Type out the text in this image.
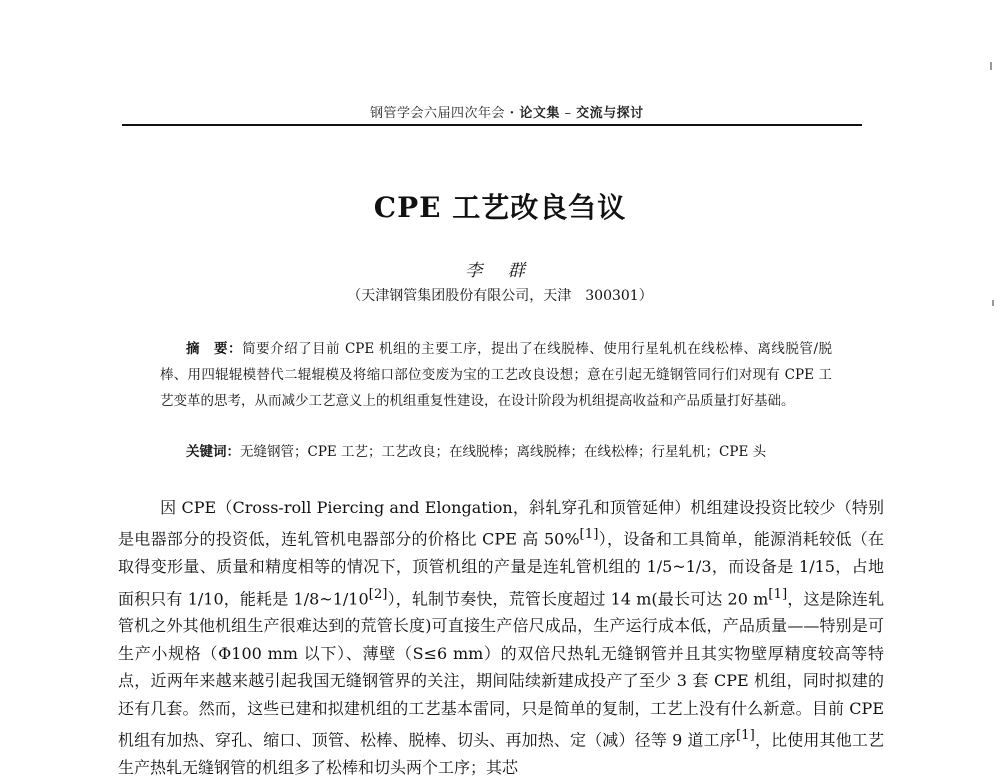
钢管学会六届四次年会 · 论文集 – 交流与探讨
CPE 工艺改良刍议
李 群
（天津钢管集团股份有限公司，天津　300301）
摘　要：简要介绍了目前 CPE 机组的主要工序，提出了在线脱棒、使用行星轧机在线松棒、离线脱管/脱棒、用四辊辊模替代二辊辊模及将缩口部位变废为宝的工艺改良设想；意在引起无缝钢管同行们对现有 CPE 工艺变革的思考，从而减少工艺意义上的机组重复性建设，在设计阶段为机组提高收益和产品质量打好基础。
关键词：无缝钢管；CPE 工艺；工艺改良；在线脱棒；离线脱棒；在线松棒；行星轧机；CPE 头
因 CPE（Cross-roll Piercing and Elongation，斜轧穿孔和顶管延伸）机组建设投资比较少（特别是电器部分的投资低，连轧管机电器部分的价格比 CPE 高 50%[1]），设备和工具简单，能源消耗较低（在取得变形量、质量和精度相等的情况下，顶管机组的产量是连轧管机组的 1/5~1/3，而设备是 1/15，占地面积只有 1/10，能耗是 1/8~1/10[2]），轧制节奏快，荒管长度超过 14 m(最长可达 20 m[1]，这是除连轧管机之外其他机组生产很难达到的荒管长度)可直接生产倍尺成品，生产运行成本低，产品质量——特别是可生产小规格（Φ100 mm 以下）、薄壁（S≤6 mm）的双倍尺热轧无缝钢管并且其实物壁厚精度较高等特点，近两年来越来越引起我国无缝钢管界的关注，期间陆续新建成投产了至少 3 套 CPE 机组，同时拟建的还有几套。然而，这些已建和拟建机组的工艺基本雷同，只是简单的复制，工艺上没有什么新意。目前 CPE 机组有加热、穿孔、缩口、顶管、松棒、脱棒、切头、再加热、定（减）径等 9 道工序[1]，比使用其他工艺生产热轧无缝钢管的机组多了松棒和切头两个工序；其芯
